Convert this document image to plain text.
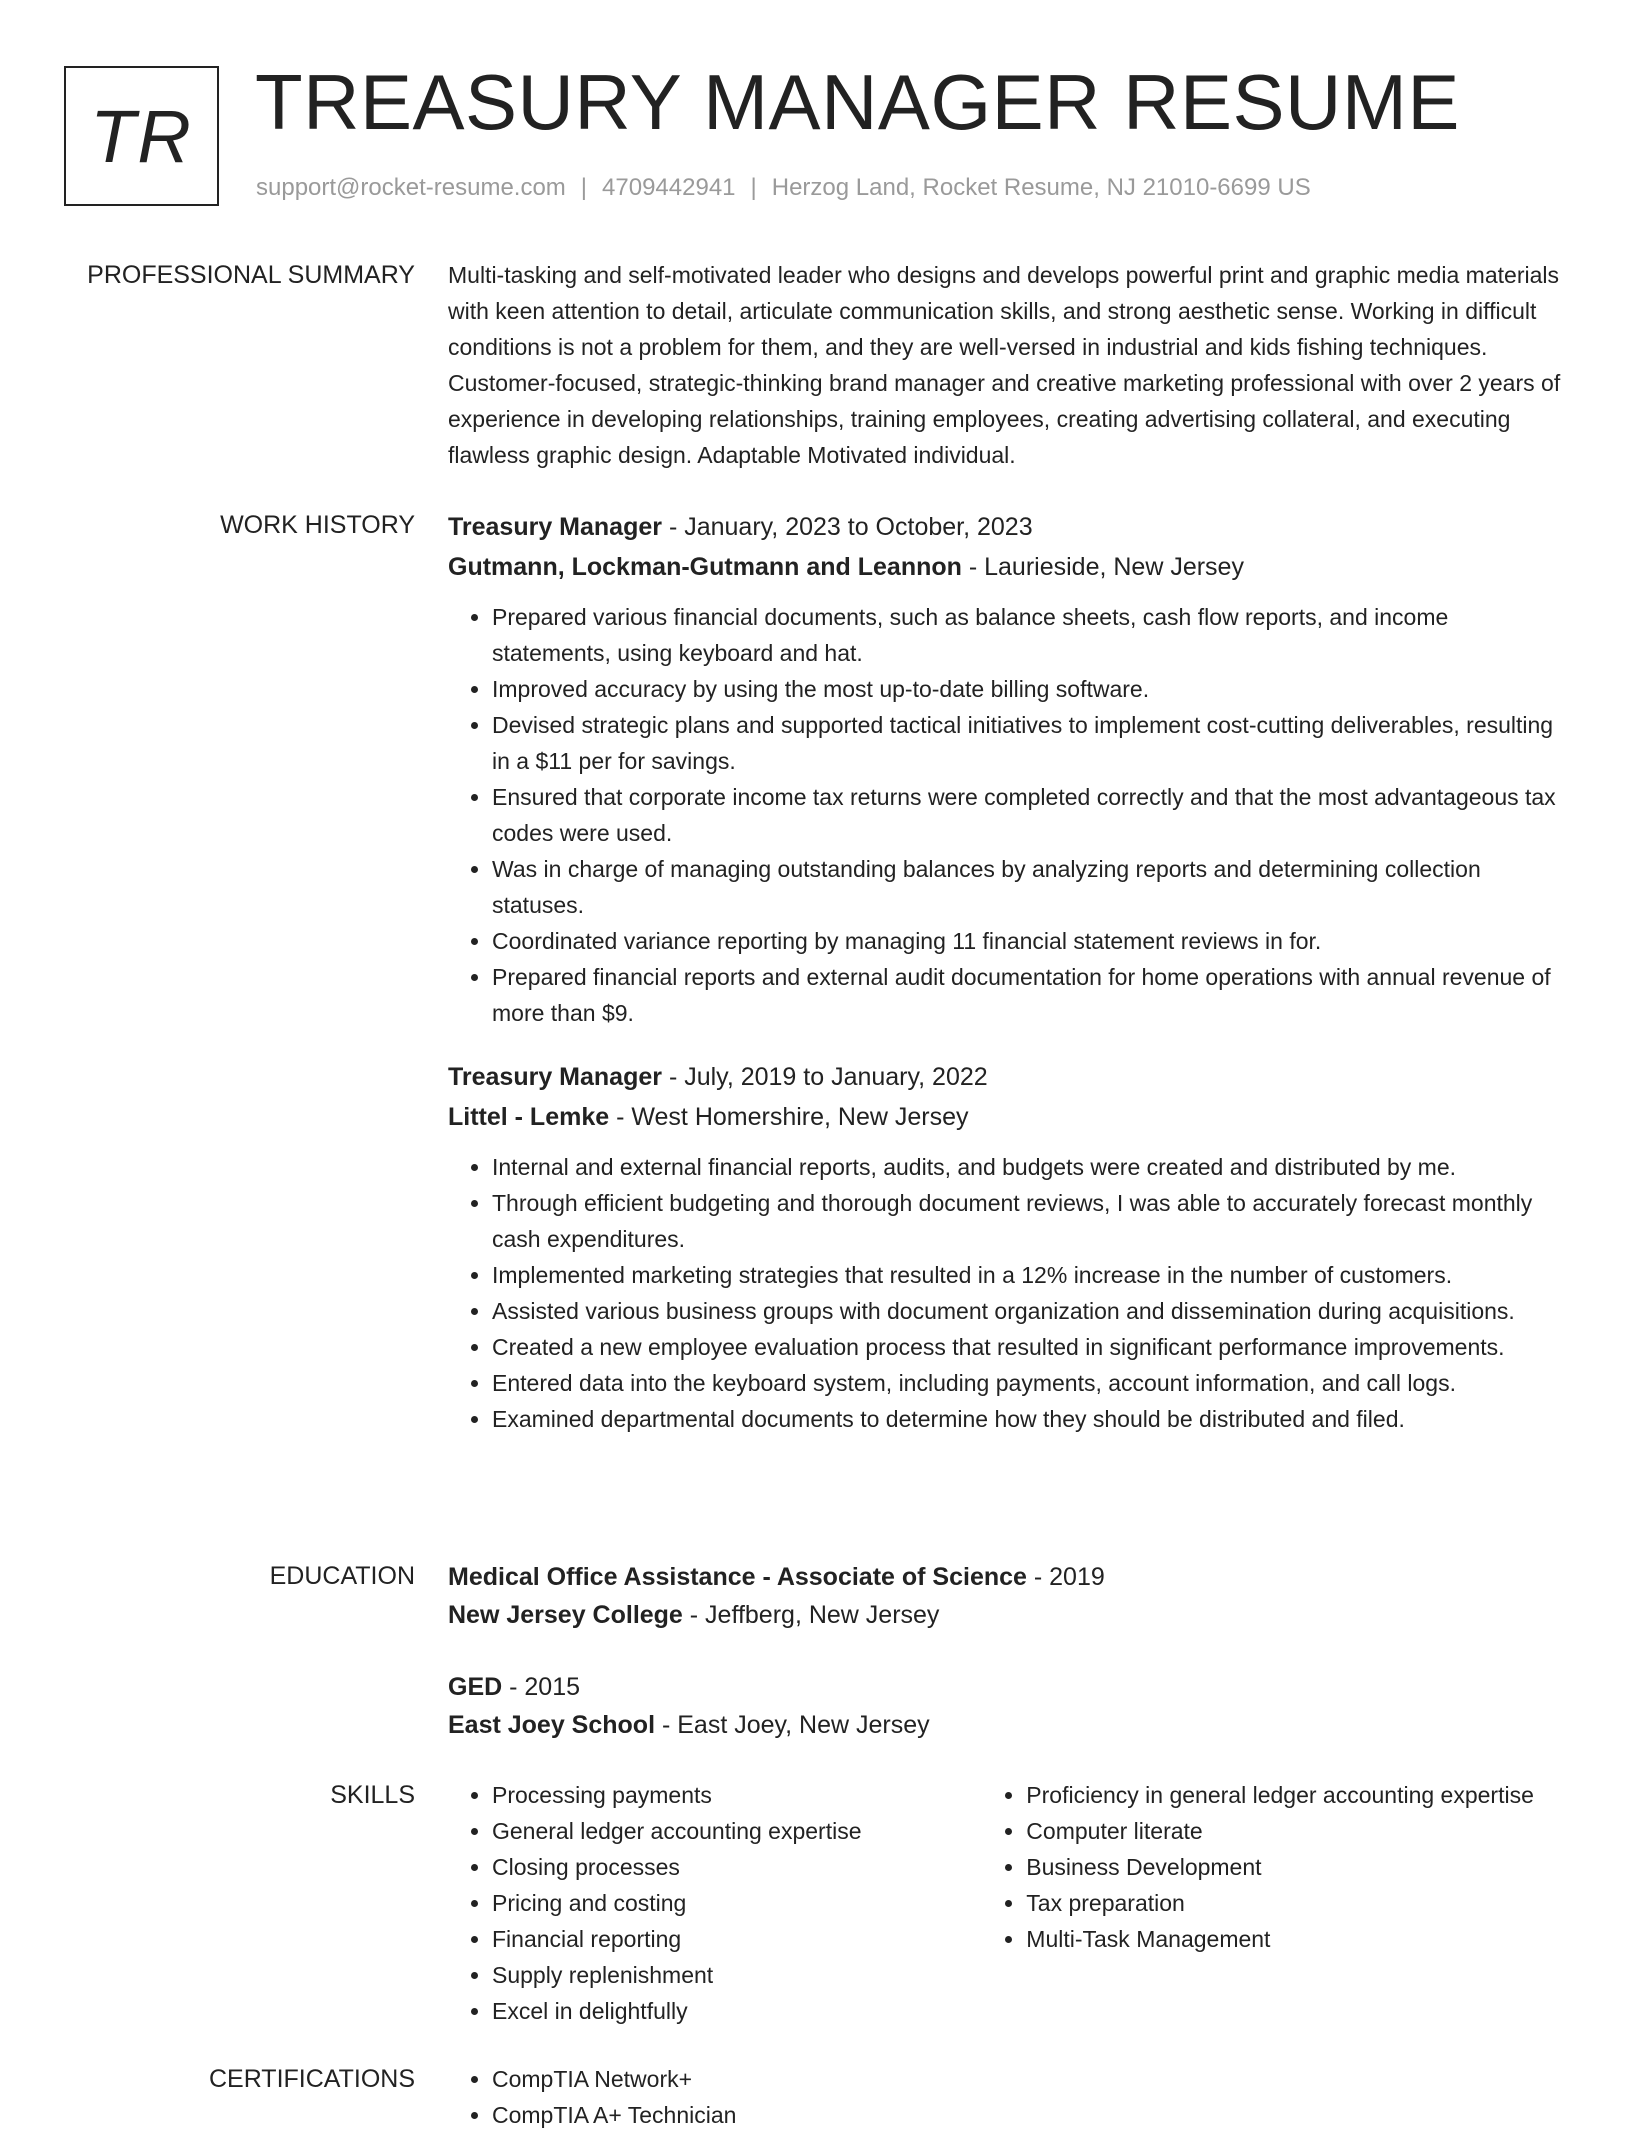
TR TREASURY MANAGER RESUME
support@rocket-resume.com | 4709442941 | Herzog Land, Rocket Resume, NJ 21010-6699 US
PROFESSIONAL SUMMARY Multi-tasking and self-motivated leader who designs and develops powerful print and graphic media materials with keen attention to detail, articulate communication skills, and strong aesthetic sense. Working in difficult conditions is not a problem for them, and they are well-versed in industrial and kids fishing techniques. Customer-focused, strategic-thinking brand manager and creative marketing professional with over 2 years of experience in developing relationships, training employees, creating advertising collateral, and executing flawless graphic design. Adaptable Motivated individual.

WORK HISTORY Treasury Manager - January, 2023 to October, 2023
Gutmann, Lockman-Gutmann and Leannon - Laurieside, New Jersey
• Prepared various financial documents, such as balance sheets, cash flow reports, and income statements, using keyboard and hat.
• Improved accuracy by using the most up-to-date billing software.
• Devised strategic plans and supported tactical initiatives to implement cost-cutting deliverables, resulting in a $11 per for savings.
• Ensured that corporate income tax returns were completed correctly and that the most advantageous tax codes were used.
• Was in charge of managing outstanding balances by analyzing reports and determining collection statuses.
• Coordinated variance reporting by managing 11 financial statement reviews in for.
• Prepared financial reports and external audit documentation for home operations with annual revenue of more than $9.
Treasury Manager - July, 2019 to January, 2022
Littel - Lemke - West Homershire, New Jersey
• Internal and external financial reports, audits, and budgets were created and distributed by me.
• Through efficient budgeting and thorough document reviews, I was able to accurately forecast monthly cash expenditures.
• Implemented marketing strategies that resulted in a 12% increase in the number of customers.
• Assisted various business groups with document organization and dissemination during acquisitions.
• Created a new employee evaluation process that resulted in significant performance improvements.
• Entered data into the keyboard system, including payments, account information, and call logs.
• Examined departmental documents to determine how they should be distributed and filed.
EDUCATION Medical Office Assistance - Associate of Science - 2019
New Jersey College - Jeffberg, New Jersey
GED - 2015
East Joey School - East Joey, New Jersey
SKILLS	• Processing payments
• General ledger accounting expertise
• Closing processes
• Pricing and costing
• Financial reporting
• Supply replenishment
• Excel in delightfully
• Proficiency in general ledger accounting expertise
• Computer literate
• Business Development
• Tax preparation
• Multi-Task Management
CERTIFICATIONS	• CompTIA Network+
• CompTIA A+ Technician
